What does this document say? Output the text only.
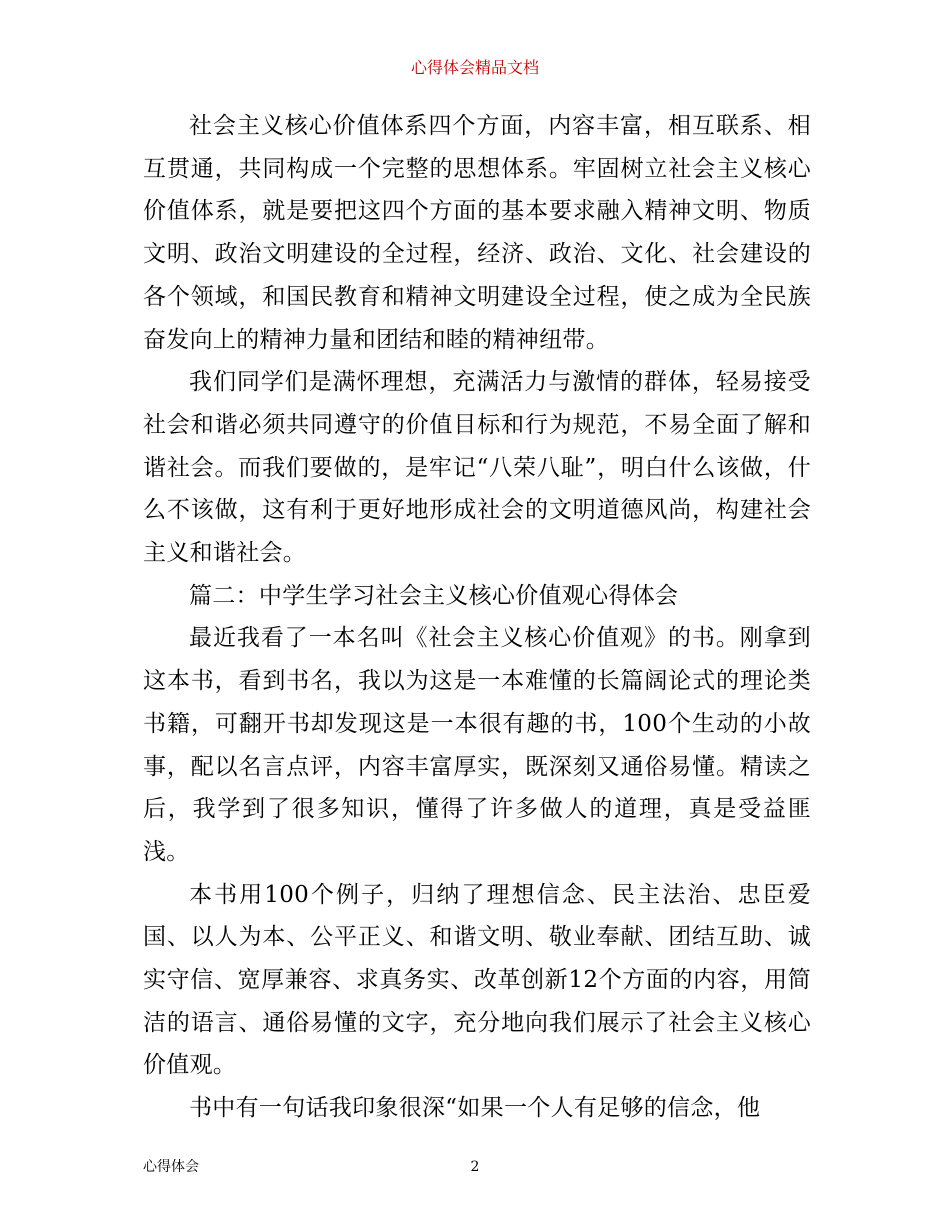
心得体会精品文档

社会主义核心价值体系四个方面，内容丰富，相互联系、相互贯通，共同构成一个完整的思想体系。牢固树立社会主义核心价值体系，就是要把这四个方面的基本要求融入精神文明、物质文明、政治文明建设的全过程，经济、政治、文化、社会建设的各个领域，和国民教育和精神文明建设全过程，使之成为全民族奋发向上的精神力量和团结和睦的精神纽带。

我们同学们是满怀理想，充满活力与激情的群体，轻易接受社会和谐必须共同遵守的价值目标和行为规范，不易全面了解和谐社会。而我们要做的，是牢记“八荣八耻”，明白什么该做，什么不该做，这有利于更好地形成社会的文明道德风尚，构建社会主义和谐社会。

篇二：中学生学习社会主义核心价值观心得体会

最近我看了一本名叫《社会主义核心价值观》的书。刚拿到这本书，看到书名，我以为这是一本难懂的长篇阔论式的理论类书籍，可翻开书却发现这是一本很有趣的书，100个生动的小故事，配以名言点评，内容丰富厚实，既深刻又通俗易懂。精读之后，我学到了很多知识，懂得了许多做人的道理，真是受益匪浅。

本书用100个例子，归纳了理想信念、民主法治、忠臣爱国、以人为本、公平正义、和谐文明、敬业奉献、团结互助、诚实守信、宽厚兼容、求真务实、改革创新12个方面的内容，用简洁的语言、通俗易懂的文字，充分地向我们展示了社会主义核心价值观。

书中有一句话我印象很深“如果一个人有足够的信念，他

心得体会	2
